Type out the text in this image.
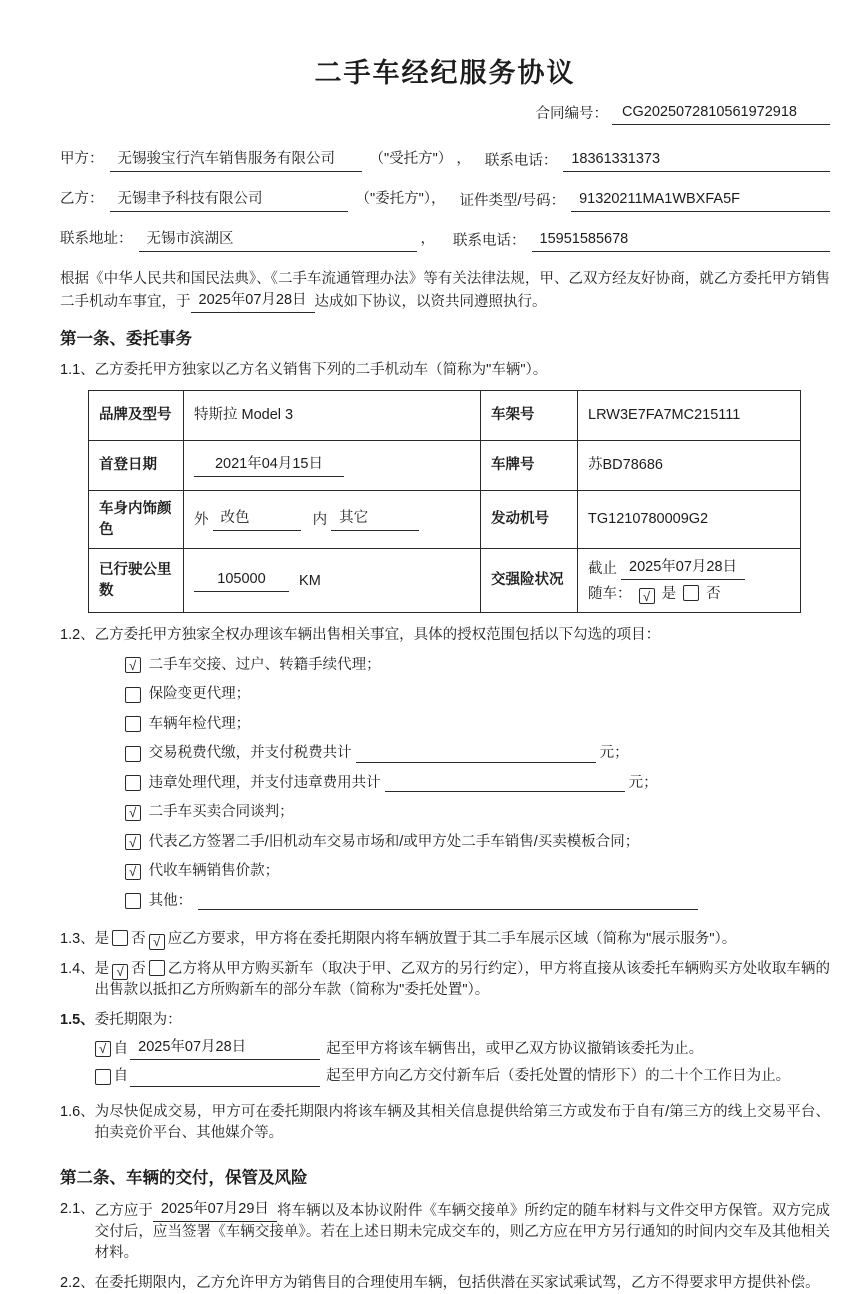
二手车经纪服务协议
合同编号： CG2025072810561972918
甲方： 无锡骏宝行汽车销售服务有限公司	（"受托方"） ， 联系电话： 18361331373
乙方： 无锡聿予科技有限公司	（"委托方"）， 证件类型/号码： 91320211MA1WBXFA5F
联系地址： 无锡市滨湖区	， 联系电话： 15951585678

根据《中华人民共和国民法典》、《二手车流通管理办法》等有关法律法规，甲、乙双方经友好协商，就乙方委托甲方销售二手机动车事宜，于 2025年07月28日 达成如下协议，以资共同遵照执行。

第一条、委托事务
1.1、 乙方委托甲方独家以乙方名义销售下列的二手机动车（简称为"车辆"）。
品牌及型号	特斯拉 Model 3	车架号	LRW3E7FA7MC215111
首登日期	2021年04月15日	车牌号	苏BD78686
车身内饰颜色	外 改色 内 其它	发动机号	TG1210780009G2
已行驶公里数	105000 KM	交强险状况	截止 2025年07月28日
随车： √ 是 否
1.2、 乙方委托甲方独家全权办理该车辆出售相关事宜，具体的授权范围包括以下勾选的项目：
√ 二手车交接、过户、转籍手续代理；
保险变更代理；
车辆年检代理；
交易税费代缴，并支付税费共计	元；
违章处理代理，并支付违章费用共计	元；
√ 二手车买卖合同谈判；
√ 代表乙方签署二手/旧机动车交易市场和/或甲方处二手车销售/买卖模板合同；
√ 代收车辆销售价款；
其他：
1.3、 是 否 √ 应乙方要求，甲方将在委托期限内将车辆放置于其二手车展示区域（简称为"展示服务"）。
1.4、 是 √ 否 乙方将从甲方购买新车（取决于甲、乙双方的另行约定），甲方将直接从该委托车辆购买方处收取车辆的出售款以抵扣乙方所购新车的部分车款（简称为"委托处置"）。
1.5、 委托期限为：
√ 自 2025年07月28日	起至甲方将该车辆售出，或甲乙双方协议撤销该委托为止。
自	起至甲方向乙方交付新车后（委托处置的情形下）的二十个工作日为止。
1.6、 为尽快促成交易，甲方可在委托期限内将该车辆及其相关信息提供给第三方或发布于自有/第三方的线上交易平台、拍卖竞价平台、其他媒介等。
第二条、车辆的交付，保管及风险
2.1、 乙方应于 2025年07月29日 将车辆以及本协议附件《车辆交接单》所约定的随车材料与文件交甲方保管。双方完成交付后，应当签署《车辆交接单》。若在上述日期未完成交车的，则乙方应在甲方另行通知的时间内交车及其他相关材料。
2.2、 在委托期限内，乙方允许甲方为销售目的合理使用车辆，包括供潜在买家试乘试驾，乙方不得要求甲方提供补偿。
